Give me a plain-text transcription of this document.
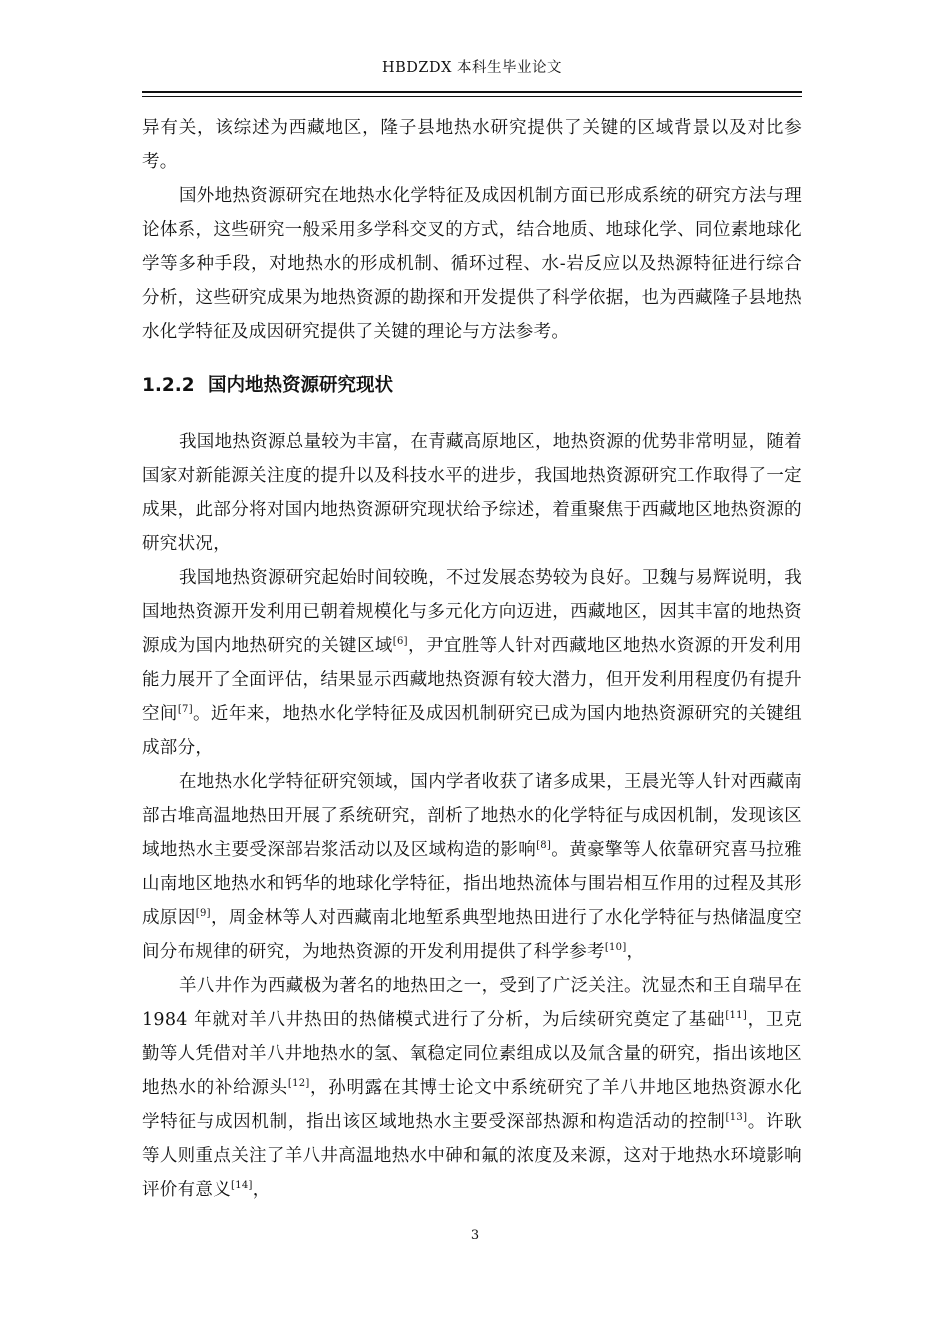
HBDZDX 本科生毕业论文

异有关，该综述为西藏地区，隆子县地热水研究提供了关键的区域背景以及对比参考。

国外地热资源研究在地热水化学特征及成因机制方面已形成系统的研究方法与理论体系，这些研究一般采用多学科交叉的方式，结合地质、地球化学、同位素地球化学等多种手段，对地热水的形成机制、循环过程、水-岩反应以及热源特征进行综合分析，这些研究成果为地热资源的勘探和开发提供了科学依据，也为西藏隆子县地热水化学特征及成因研究提供了关键的理论与方法参考。

1.2.2 国内地热资源研究现状

我国地热资源总量较为丰富，在青藏高原地区，地热资源的优势非常明显，随着国家对新能源关注度的提升以及科技水平的进步，我国地热资源研究工作取得了一定成果，此部分将对国内地热资源研究现状给予综述，着重聚焦于西藏地区地热资源的研究状况，

我国地热资源研究起始时间较晚，不过发展态势较为良好。卫魏与易辉说明，我国地热资源开发利用已朝着规模化与多元化方向迈进，西藏地区，因其丰富的地热资源成为国内地热研究的关键区域[6]，尹宜胜等人针对西藏地区地热水资源的开发利用能力展开了全面评估，结果显示西藏地热资源有较大潜力，但开发利用程度仍有提升空间[7]。近年来，地热水化学特征及成因机制研究已成为国内地热资源研究的关键组成部分，

在地热水化学特征研究领域，国内学者收获了诸多成果，王晨光等人针对西藏南部古堆高温地热田开展了系统研究，剖析了地热水的化学特征与成因机制，发现该区域地热水主要受深部岩浆活动以及区域构造的影响[8]。黄豪擎等人依靠研究喜马拉雅山南地区地热水和钙华的地球化学特征，指出地热流体与围岩相互作用的过程及其形成原因[9]，周金林等人对西藏南北地堑系典型地热田进行了水化学特征与热储温度空间分布规律的研究，为地热资源的开发利用提供了科学参考[10]，

羊八井作为西藏极为著名的地热田之一，受到了广泛关注。沈显杰和王自瑞早在 1984 年就对羊八井热田的热储模式进行了分析，为后续研究奠定了基础[11]，卫克勤等人凭借对羊八井地热水的氢、氧稳定同位素组成以及氚含量的研究，指出该地区地热水的补给源头[12]，孙明露在其博士论文中系统研究了羊八井地区地热资源水化学特征与成因机制，指出该区域地热水主要受深部热源和构造活动的控制[13]。许耿等人则重点关注了羊八井高温地热水中砷和氟的浓度及来源，这对于地热水环境影响评价有意义[14]，

3
